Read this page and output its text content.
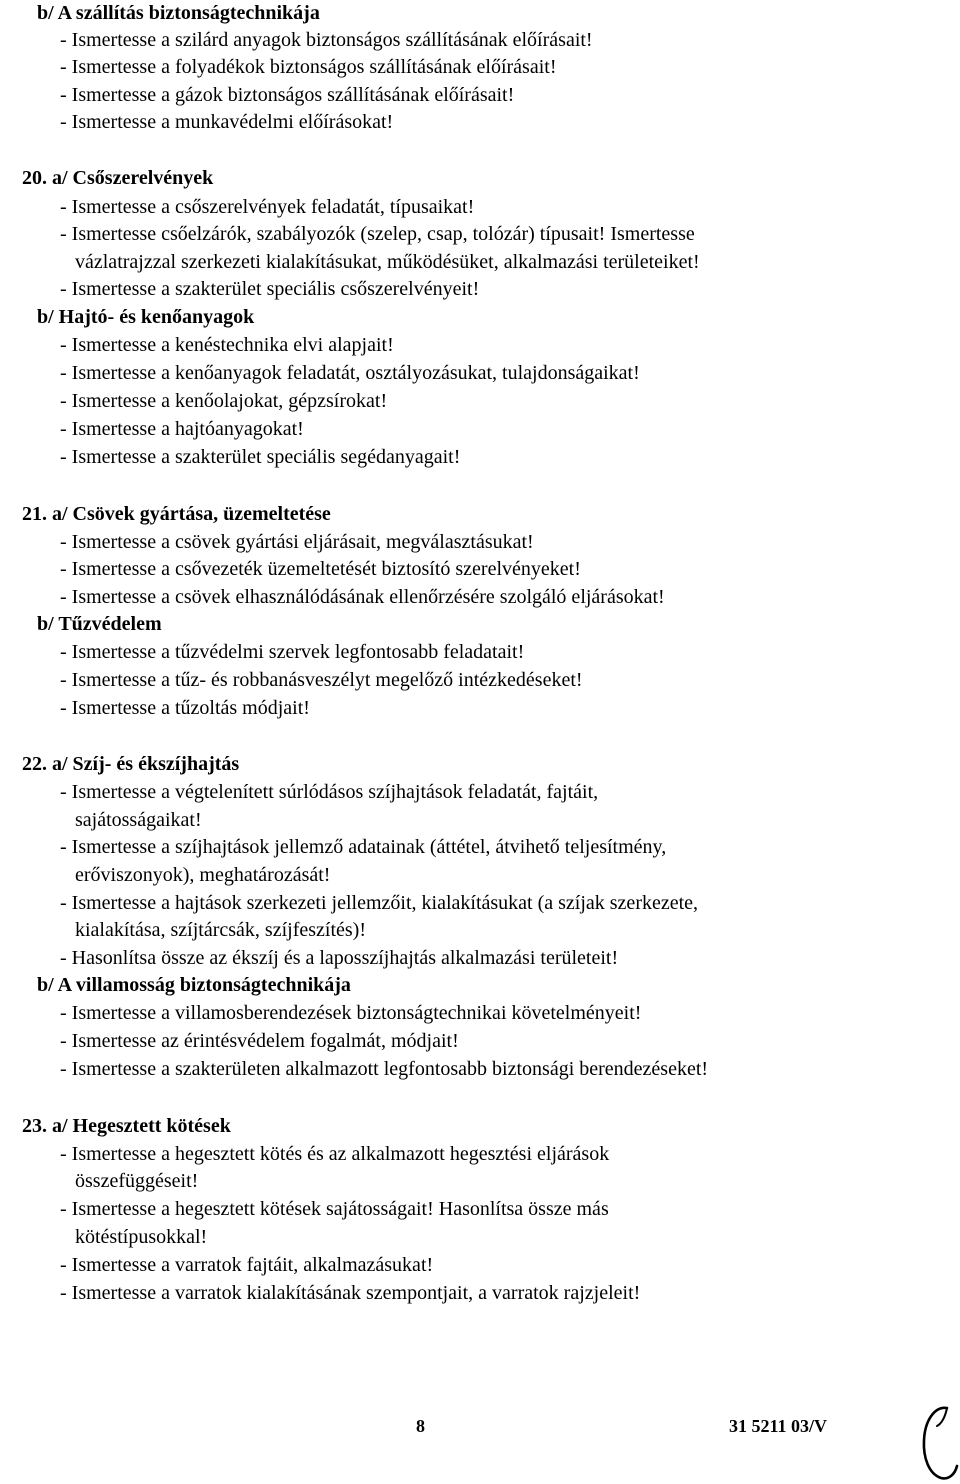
b/ A szállítás biztonságtechnikája
- Ismertesse a szilárd anyagok biztonságos szállításának előírásait!
- Ismertesse a folyadékok biztonságos szállításának előírásait!
- Ismertesse a gázok biztonságos szállításának előírásait!
- Ismertesse a munkavédelmi előírásokat!
20. a/ Csőszerelvények
- Ismertesse a csőszerelvények feladatát, típusaikat!
- Ismertesse csőelzárók, szabályozók (szelep, csap, tolózár) típusait! Ismertesse
vázlatrajzzal szerkezeti kialakításukat, működésüket, alkalmazási területeiket!
- Ismertesse a szakterület speciális csőszerelvényeit!
b/ Hajtó- és kenőanyagok
- Ismertesse a kenéstechnika elvi alapjait!
- Ismertesse a kenőanyagok feladatát, osztályozásukat, tulajdonságaikat!
- Ismertesse a kenőolajokat, gépzsírokat!
- Ismertesse a hajtóanyagokat!
- Ismertesse a szakterület speciális segédanyagait!
21. a/ Csövek gyártása, üzemeltetése
- Ismertesse a csövek gyártási eljárásait, megválasztásukat!
- Ismertesse a csővezeték üzemeltetését biztosító szerelvényeket!
- Ismertesse a csövek elhasználódásának ellenőrzésére szolgáló eljárásokat!
b/ Tűzvédelem
- Ismertesse a tűzvédelmi szervek legfontosabb feladatait!
- Ismertesse a tűz- és robbanásveszélyt megelőző intézkedéseket!
- Ismertesse a tűzoltás módjait!
22. a/ Szíj- és ékszíjhajtás
- Ismertesse a végtelenített súrlódásos szíjhajtások feladatát, fajtáit,
sajátosságaikat!
- Ismertesse a szíjhajtások jellemző adatainak (áttétel, átvihető teljesítmény,
erőviszonyok), meghatározását!
- Ismertesse a hajtások szerkezeti jellemzőit, kialakításukat (a szíjak szerkezete,
kialakítása, szíjtárcsák, szíjfeszítés)!
- Hasonlítsa össze az ékszíj és a laposszíjhajtás alkalmazási területeit!
b/ A villamosság biztonságtechnikája
- Ismertesse a villamosberendezések biztonságtechnikai követelményeit!
- Ismertesse az érintésvédelem fogalmát, módjait!
- Ismertesse a szakterületen alkalmazott legfontosabb biztonsági berendezéseket!
23. a/ Hegesztett kötések
- Ismertesse a hegesztett kötés és az alkalmazott hegesztési eljárások
összefüggéseit!
- Ismertesse a hegesztett kötések sajátosságait! Hasonlítsa össze más
kötéstípusokkal!
- Ismertesse a varratok fajtáit, alkalmazásukat!
- Ismertesse a varratok kialakításának szempontjait, a varratok rajzjeleit!
8	31 5211 03/V
